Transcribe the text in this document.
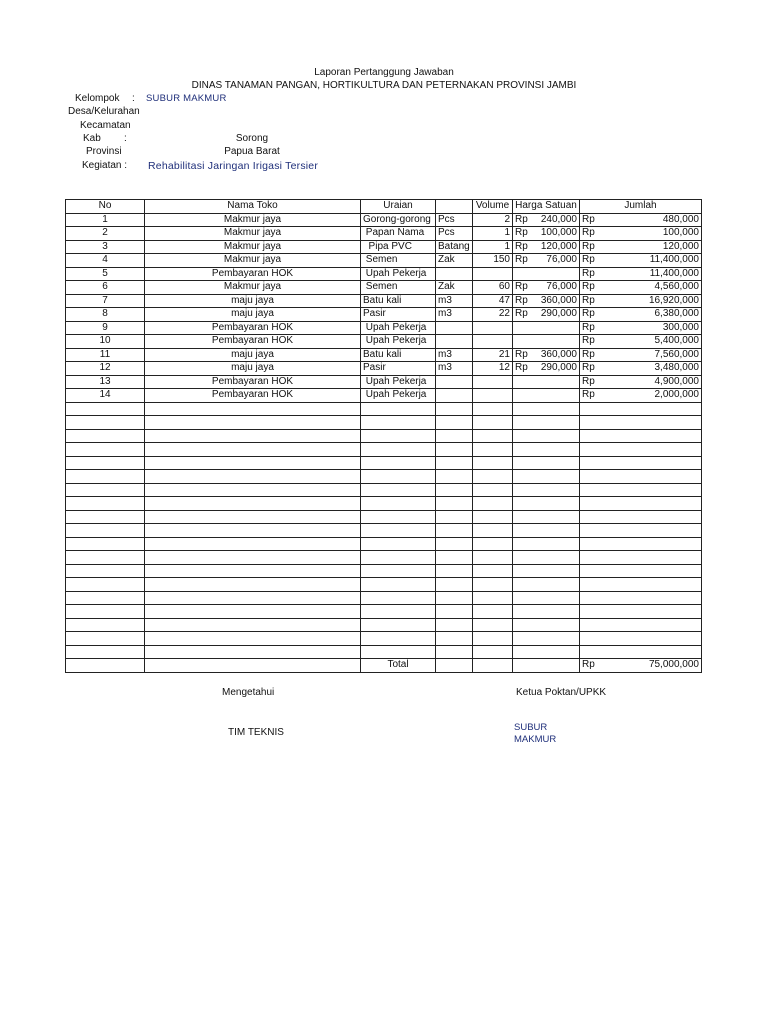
Laporan Pertanggung Jawaban
DINAS TANAMAN PANGAN, HORTIKULTURA DAN PETERNAKAN PROVINSI JAMBI
Kelompok : SUBUR MAKMUR
Desa/Kelurahan
Kecamatan
Kab :	Sorong
Provinsi	Papua Barat
Kegiatan : Rehabilitasi Jaringan Irigasi Tersier
No	Nama Toko	Uraian		Volume	Harga Satuan	Jumlah
1	Makmur jaya	Gorong-gorong	Pcs	2	Rp 240,000	Rp 480,000

2	Makmur jaya	Papan Nama	Pcs	1	Rp 100,000	Rp 100,000

3	Makmur jaya	Pipa PVC	Batang	1	Rp 120,000	Rp 120,000

4	Makmur jaya	Semen	Zak	150	Rp 76,000	Rp 11,400,000

5	Pembayaran HOK	Upah Pekerja				Rp 11,400,000

6	Makmur jaya	Semen	Zak	60	Rp 76,000	Rp 4,560,000

7	maju jaya	Batu kali	m3	47	Rp 360,000	Rp 16,920,000

8	maju jaya	Pasir	m3	22	Rp 290,000	Rp 6,380,000

9	Pembayaran HOK	Upah Pekerja				Rp 300,000

10	Pembayaran HOK	Upah Pekerja				Rp 5,400,000

11	maju jaya	Batu kali	m3	21	Rp 360,000	Rp 7,560,000

12	maju jaya	Pasir	m3	12	Rp 290,000	Rp 3,480,000

13	Pembayaran HOK	Upah Pekerja				Rp 4,900,000

14	Pembayaran HOK	Upah Pekerja				Rp 2,000,000

		Total				Rp 75,000,000
Mengetahui	Ketua Poktan/UPKK
TIM TEKNIS	SUBUR
MAKMUR
